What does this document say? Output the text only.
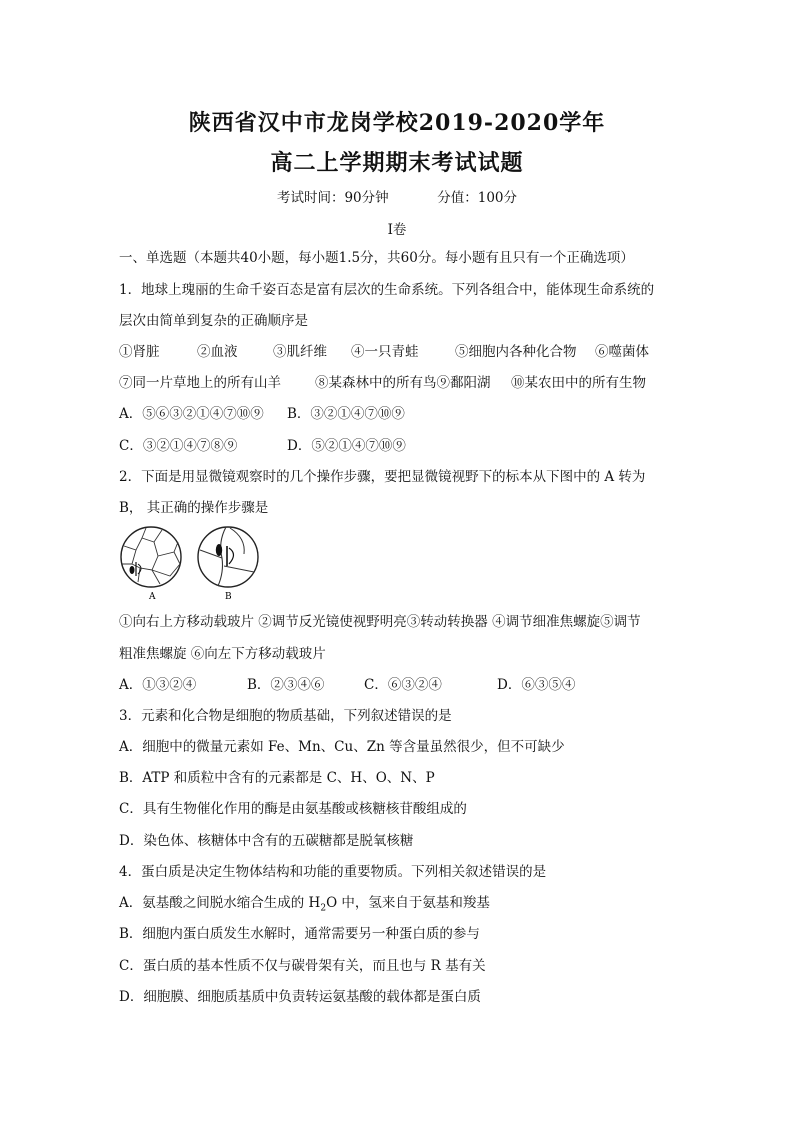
陕西省汉中市龙岗学校2019-2020学年
高二上学期期末考试试题
考试时间：90分钟	分值：100分
Ⅰ卷
一、单选题（本题共40小题，每小题1.5分，共60分。每小题有且只有一个正确选项）
1．地球上瑰丽的生命千姿百态是富有层次的生命系统。下列各组合中，能体现生命系统的
层次由简单到复杂的正确顺序是
①肾脏	②血液	③肌纤维 ④一只青蛙	⑤细胞内各种化合物 ⑥噬菌体
⑦同一片草地上的所有山羊	⑧某森林中的所有鸟⑨鄱阳湖 ⑩某农田中的所有生物
A．⑤⑥③②①④⑦⑩⑨ B．③②①④⑦⑩⑨
C．③②①④⑦⑧⑨	D．⑤②①④⑦⑩⑨
2．下面是用显微镜观察时的几个操作步骤，要把显微镜视野下的标本从下图中的 A 转为
B， 其正确的操作步骤是
A	B
①向右上方移动载玻片 ②调节反光镜使视野明亮③转动转换器 ④调节细准焦螺旋⑤调节
粗准焦螺旋 ⑥向左下方移动载玻片
A．①③②④	B．②③④⑥	C．⑥③②④	D．⑥③⑤④
3．元素和化合物是细胞的物质基础，下列叙述错误的是
A．细胞中的微量元素如 Fe、Mn、Cu、Zn 等含量虽然很少，但不可缺少
B．ATP 和质粒中含有的元素都是 C、H、O、N、P
C．具有生物催化作用的酶是由氨基酸或核糖核苷酸组成的
D．染色体、核糖体中含有的五碳糖都是脱氧核糖
4．蛋白质是决定生物体结构和功能的重要物质。下列相关叙述错误的是
A．氨基酸之间脱水缩合生成的 $H_2O$ 中，氢来自于氨基和羧基
B．细胞内蛋白质发生水解时，通常需要另一种蛋白质的参与
C．蛋白质的基本性质不仅与碳骨架有关，而且也与 R 基有关
D．细胞膜、细胞质基质中负责转运氨基酸的载体都是蛋白质
